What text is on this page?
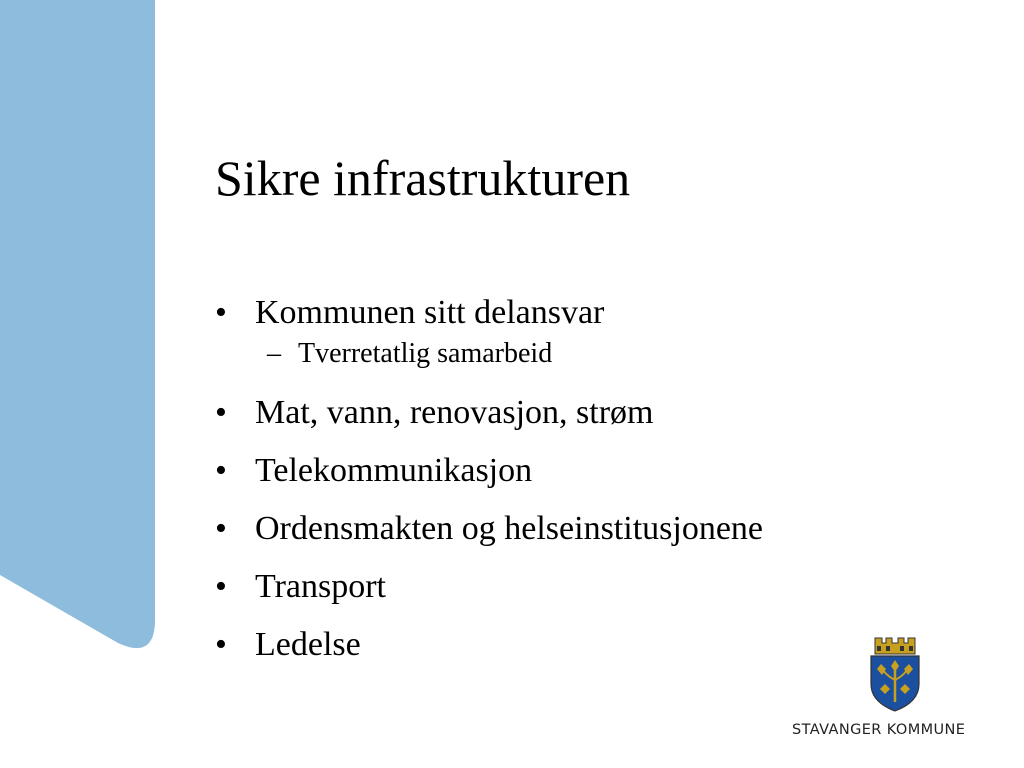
Sikre infrastrukturen
• Kommunen sitt delansvar
– Tverretatlig samarbeid
• Mat, vann, renovasjon, strøm
• Telekommunikasjon
• Ordensmakten og helseinstitusjonene
• Transport
• Ledelse
STAVANGER KOMMUNE
